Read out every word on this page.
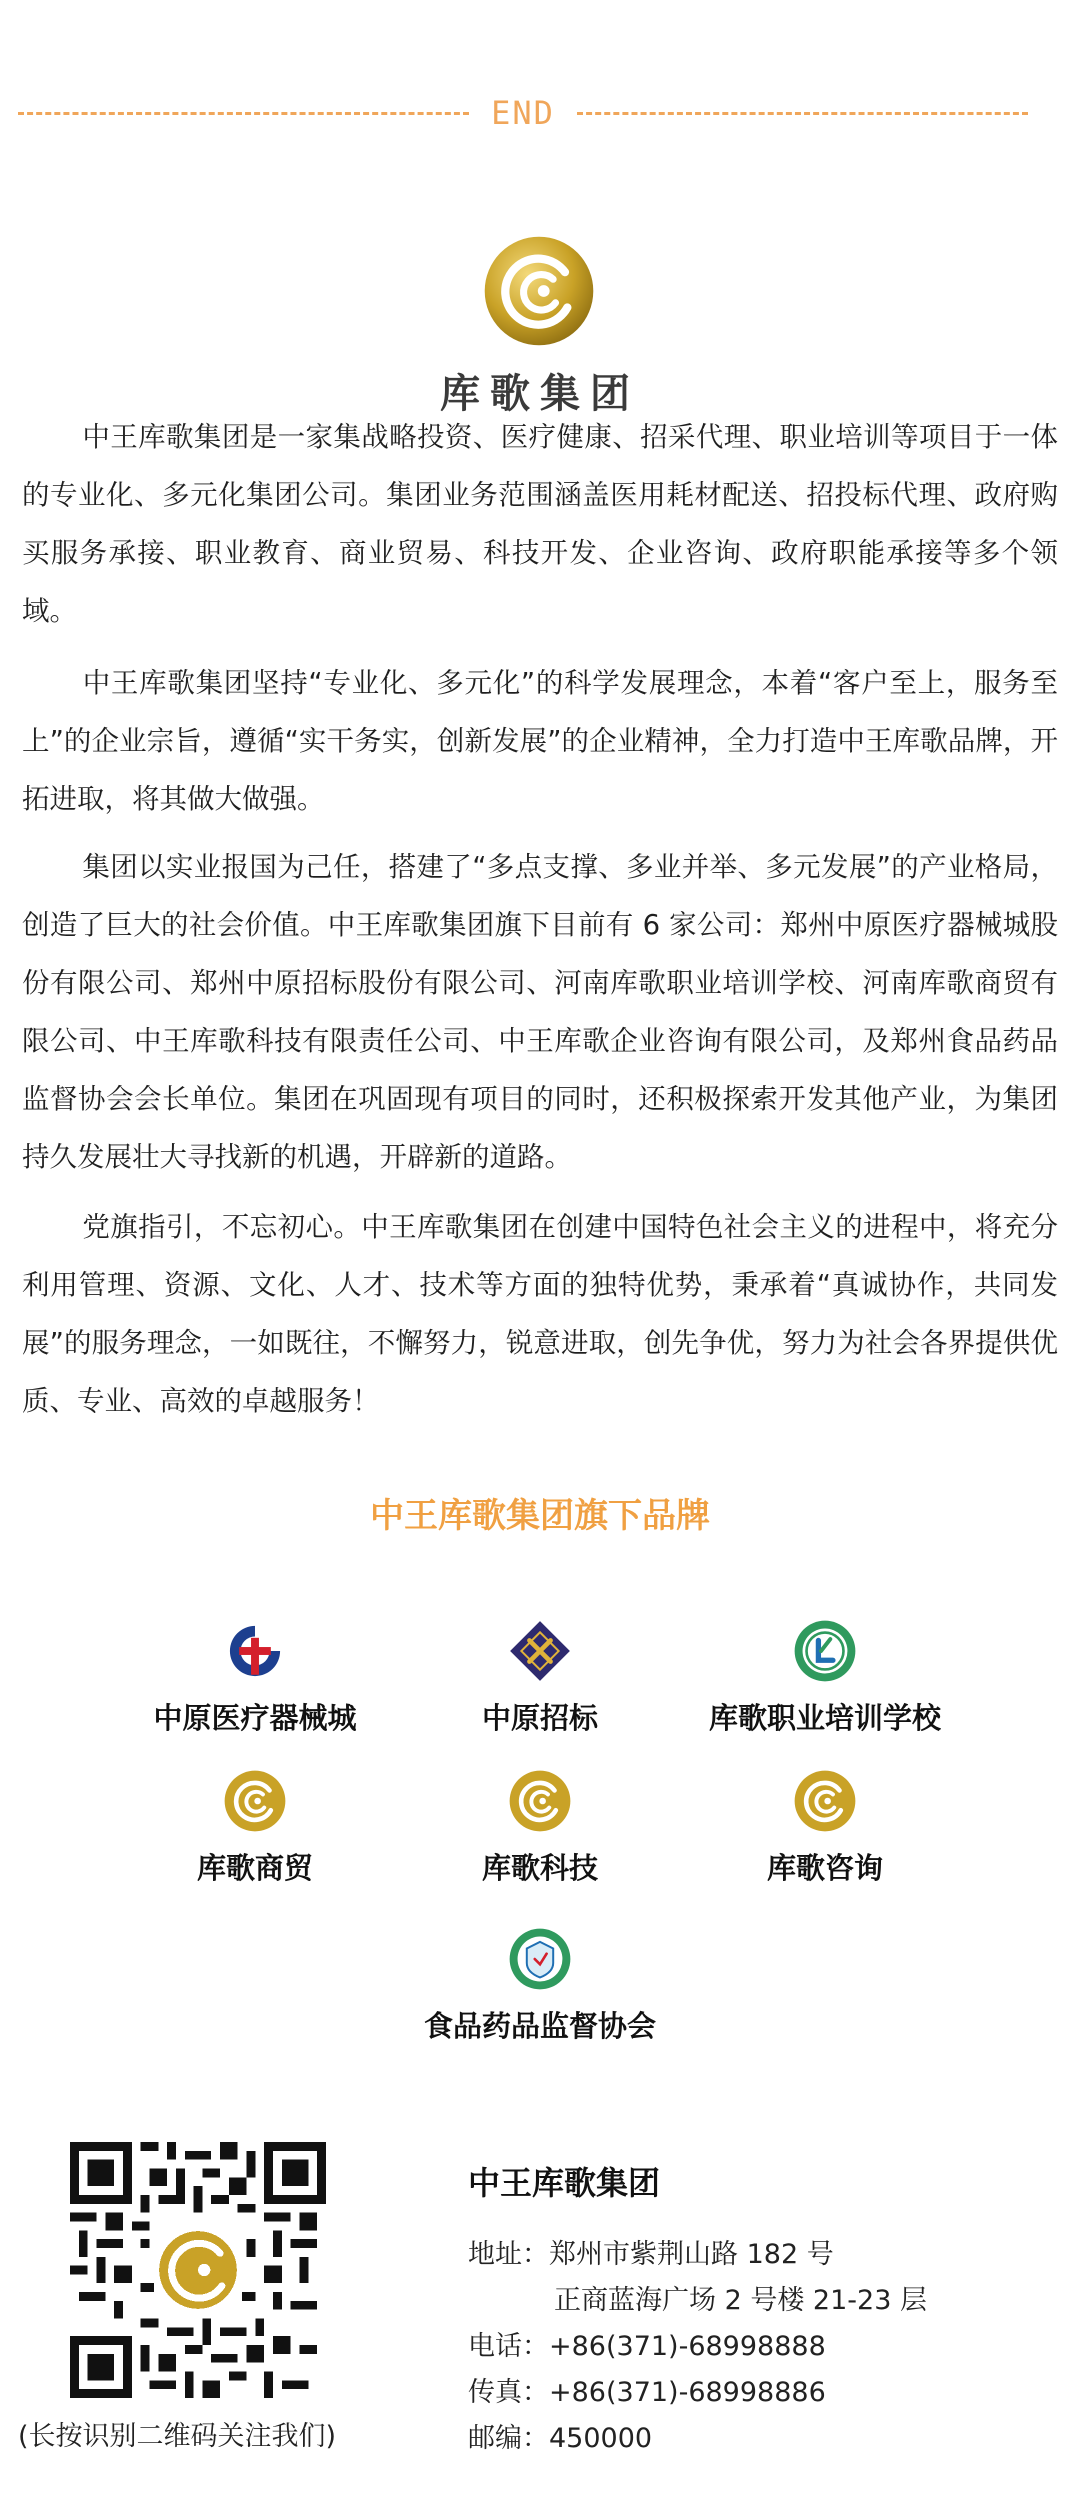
END
库歌集团

中王库歌集团是一家集战略投资、医疗健康、招采代理、职业培训等项目于一体的专业化、多元化集团公司。集团业务范围涵盖医用耗材配送、招投标代理、政府购买服务承接、职业教育、商业贸易、科技开发、企业咨询、政府职能承接等多个领域。

中王库歌集团坚持“专业化、多元化”的科学发展理念，本着“客户至上，服务至上”的企业宗旨，遵循“实干务实，创新发展”的企业精神，全力打造中王库歌品牌，开拓进取，将其做大做强。

集团以实业报国为己任，搭建了“多点支撑、多业并举、多元发展”的产业格局，创造了巨大的社会价值。中王库歌集团旗下目前有 6 家公司：郑州中原医疗器械城股份有限公司、郑州中原招标股份有限公司、河南库歌职业培训学校、河南库歌商贸有限公司、中王库歌科技有限责任公司、中王库歌企业咨询有限公司，及郑州食品药品监督协会会长单位。集团在巩固现有项目的同时，还积极探索开发其他产业，为集团持久发展壮大寻找新的机遇，开辟新的道路。

党旗指引，不忘初心。中王库歌集团在创建中国特色社会主义的进程中，将充分利用管理、资源、文化、人才、技术等方面的独特优势，秉承着“真诚协作，共同发展”的服务理念，一如既往，不懈努力，锐意进取，创先争优，努力为社会各界提供优质、专业、高效的卓越服务！

中王库歌集团旗下品牌
中原医疗器械城	中原招标	库歌职业培训学校
库歌商贸	库歌科技	库歌咨询
食品药品监督协会
(长按识别二维码关注我们)
中王库歌集团
地址：郑州市紫荆山路 182 号
正商蓝海广场 2 号楼 21-23 层
电话：+86(371)-68998888
传真：+86(371)-68998886
邮编：450000
